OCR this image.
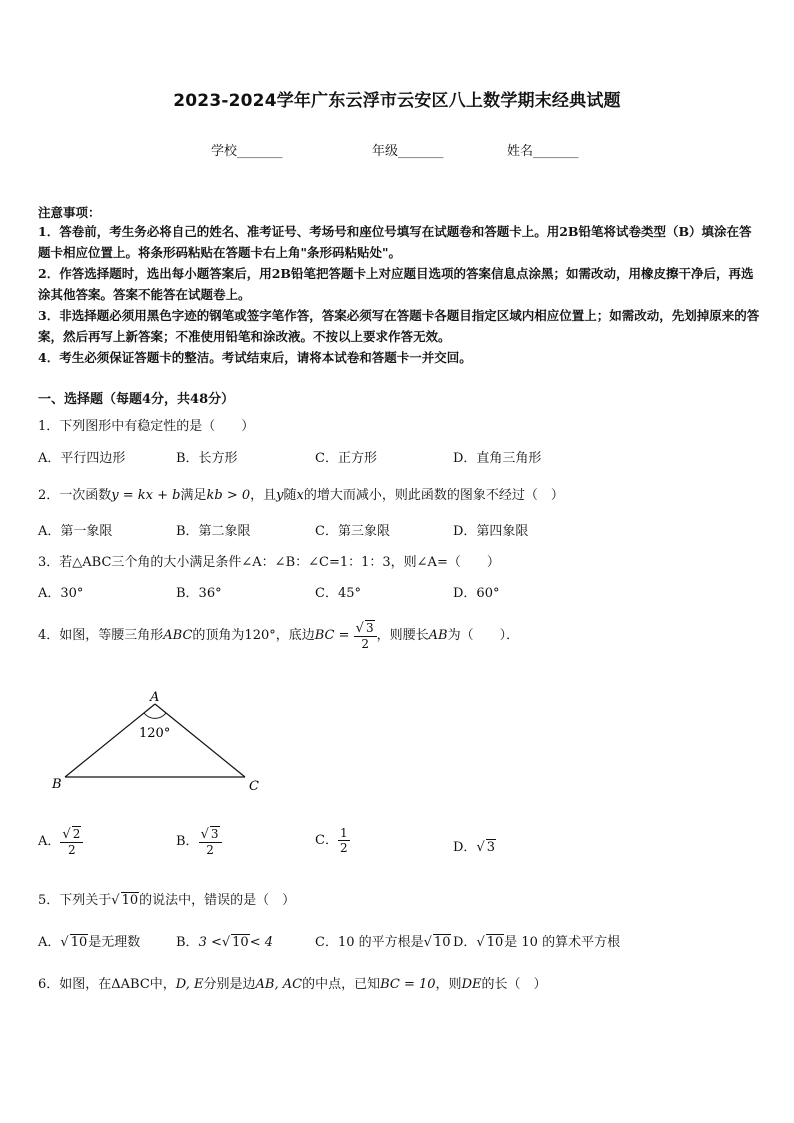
2023-2024学年广东云浮市云安区八上数学期末经典试题
学校_______	年级_______	姓名_______
注意事项：
1．答卷前，考生务必将自己的姓名、准考证号、考场号和座位号填写在试题卷和答题卡上。用2B铅笔将试卷类型（B）填涂在答题卡相应位置上。将条形码粘贴在答题卡右上角"条形码粘贴处"。
2．作答选择题时，选出每小题答案后，用2B铅笔把答题卡上对应题目选项的答案信息点涂黑；如需改动，用橡皮擦干净后，再选涂其他答案。答案不能答在试题卷上。
3．非选择题必须用黑色字迹的钢笔或签字笔作答，答案必须写在答题卡各题目指定区域内相应位置上；如需改动，先划掉原来的答案，然后再写上新答案；不准使用铅笔和涂改液。不按以上要求作答无效。
4．考生必须保证答题卡的整洁。考试结束后，请将本试卷和答题卡一并交回。
一、选择题（每题4分，共48分）
1．下列图形中有稳定性的是（　　）
A．平行四边形	B．长方形	C．正方形	D．直角三角形
2．一次函数y = kx + b满足kb > 0，且y随x的增大而减小，则此函数的图象不经过（　）
A．第一象限	B．第二象限	C．第三象限	D．第四象限
3．若△ABC三个角的大小满足条件∠A：∠B：∠C=1：1：3，则∠A=（　　）
A．30°	B．36°	C．45°	D．60°
4．如图，等腰三角形ABC的顶角为120°，底边BC = $\frac{√ 3}{2}$ ，则腰长AB为（　　）．
A
B	C
120°
A． $\frac{√ 2}{2}$	B． $\frac{√ 3}{2}$	C． $\frac{1}{2}$	D．√ 3
5．下列关于√ 10的说法中，错误的是（　）
A．√ 10是无理数	B．3 <√ 10< 4	C．10 的平方根是√ 10 D．√ 10是 10 的算术平方根
6．如图，在ΔABC中，D, E分别是边AB, AC的中点，已知BC = 10，则DE的长（　）
